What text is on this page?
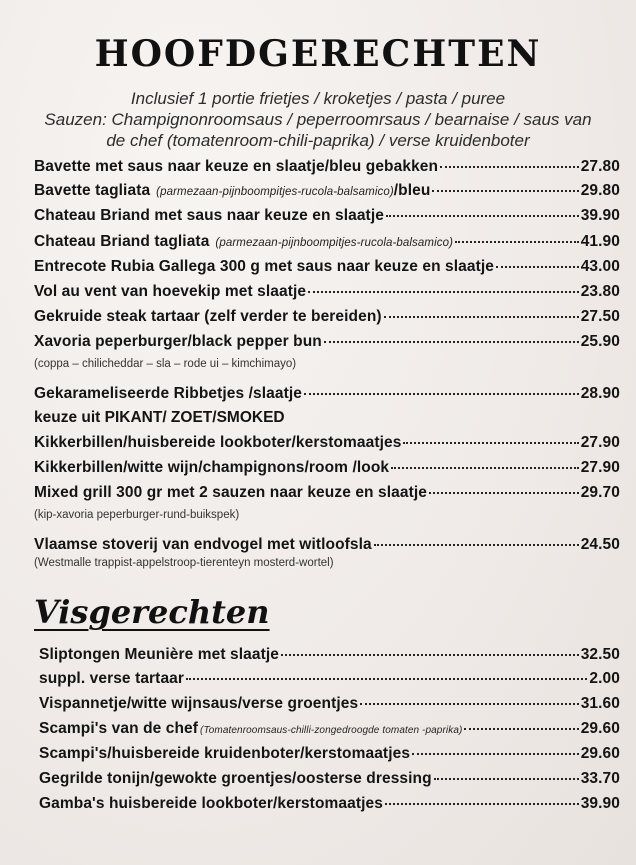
HOOFDGERECHTEN

Inclusief 1 portie frietjes / kroketjes / pasta / puree

Sauzen: Champignonroomsaus / peperroomrsaus / bearnaise / saus van

de chef (tomatenroom-chili-paprika) / verse kruidenboter

Bavette met saus naar keuze en slaatje/bleu gebakken	27.80
Bavette tagliata (parmezaan-pijnboompitjes-rucola-balsamico) /bleu	29.80
Chateau Briand met saus naar keuze en slaatje	39.90
Chateau Briand tagliata (parmezaan-pijnboompitjes-rucola-balsamico)	41.90
Entrecote Rubia Gallega 300 g met saus naar keuze en slaatje	43.00
Vol au vent van hoevekip met slaatje	23.80
Gekruide steak tartaar (zelf verder te bereiden)	27.50
Xavoria peperburger/black pepper bun	25.90
(coppa – chilicheddar – sla – rode ui – kimchimayo)
Gekarameliseerde Ribbetjes /slaatje	28.90
keuze uit PIKANT/ ZOET/SMOKED
Kikkerbillen/huisbereide lookboter/kerstomaatjes	27.90
Kikkerbillen/witte wijn/champignons/room /look	27.90
Mixed grill 300 gr met 2 sauzen naar keuze en slaatje	29.70
(kip-xavoria peperburger-rund-buikspek)
Vlaamse stoverij van endvogel met witloofsla	24.50
(Westmalle trappist-appelstroop-tierenteyn mosterd-wortel)
Visgerechten
Sliptongen Meunière met slaatje	32.50
suppl. verse tartaar	2.00
Vispannetje/witte wijnsaus/verse groentjes	31.60
Scampi's van de chef (Tomatenroomsaus-chilli-zongedroogde tomaten -paprika)	29.60
Scampi's/huisbereide kruidenboter/kerstomaatjes	29.60
Gegrilde tonijn/gewokte groentjes/oosterse dressing	33.70
Gamba's huisbereide lookboter/kerstomaatjes	39.90
